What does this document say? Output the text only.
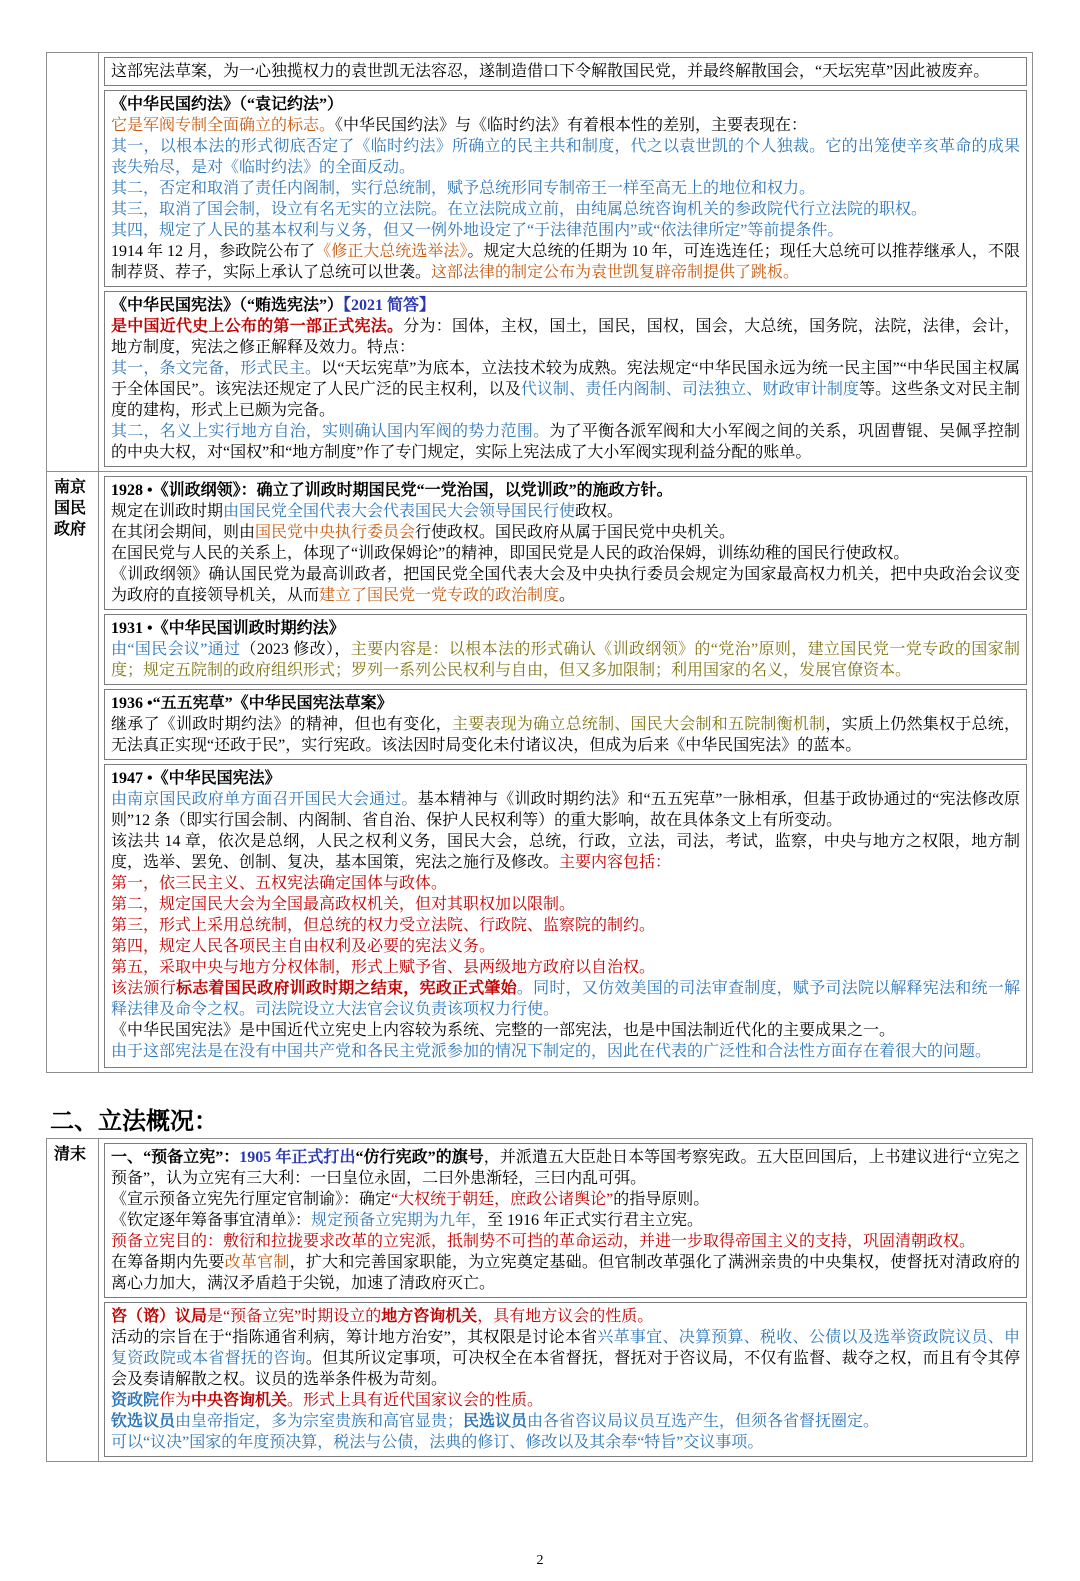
这部宪法草案，为一心独揽权力的袁世凯无法容忍，遂制造借口下令解散国民党，并最终解散国会，“天坛宪草”因此被废弃。

《中华民国约法》（“袁记约法”）

它是军阀专制全面确立的标志。《中华民国约法》与《临时约法》有着根本性的差别，主要表现在：

其一，以根本法的形式彻底否定了《临时约法》所确立的民主共和制度，代之以袁世凯的个人独裁。它的出笼使辛亥革命的成果丧失殆尽，是对《临时约法》的全面反动。

其二，否定和取消了责任内阁制，实行总统制，赋予总统形同专制帝王一样至高无上的地位和权力。

其三，取消了国会制，设立有名无实的立法院。在立法院成立前，由纯属总统咨询机关的参政院代行立法院的职权。

其四，规定了人民的基本权利与义务，但又一例外地设定了“于法律范围内”或“依法律所定”等前提条件。

1914 年 12 月，参政院公布了《修正大总统选举法》。规定大总统的任期为 10 年，可连选连任；现任大总统可以推荐继承人，不限制荐贤、荐子，实际上承认了总统可以世袭。这部法律的制定公布为袁世凯复辟帝制提供了跳板。

《中华民国宪法》（“贿选宪法”）【2021 简答】

是中国近代史上公布的第一部正式宪法。分为：国体，主权，国土，国民，国权，国会，大总统，国务院，法院，法律，会计，地方制度，宪法之修正解释及效力。特点：

其一，条文完备，形式民主。以“天坛宪草”为底本，立法技术较为成熟。宪法规定“中华民国永远为统一民主国”“中华民国主权属于全体国民”。该宪法还规定了人民广泛的民主权利，以及代议制、责任内阁制、司法独立、财政审计制度等。这些条文对民主制度的建构，形式上已颇为完备。

其二，名义上实行地方自治，实则确认国内军阀的势力范围。为了平衡各派军阀和大小军阀之间的关系，巩固曹锟、吴佩孚控制的中央大权，对“国权”和“地方制度”作了专门规定，实际上宪法成了大小军阀实现利益分配的账单。

南京国民政府

1928 •《训政纲领》：确立了训政时期国民党“一党治国，以党训政”的施政方针。

规定在训政时期由国民党全国代表大会代表国民大会领导国民行使政权。

在其闭会期间，则由国民党中央执行委员会行使政权。国民政府从属于国民党中央机关。

在国民党与人民的关系上，体现了“训政保姆论”的精神，即国民党是人民的政治保姆，训练幼稚的国民行使政权。

《训政纲领》确认国民党为最高训政者，把国民党全国代表大会及中央执行委员会规定为国家最高权力机关，把中央政治会议变为政府的直接领导机关，从而建立了国民党一党专政的政治制度。

1931 •《中华民国训政时期约法》

由“国民会议”通过（2023 修改），主要内容是：以根本法的形式确认《训政纲领》的“党治”原则，建立国民党一党专政的国家制度；规定五院制的政府组织形式；罗列一系列公民权利与自由，但又多加限制；利用国家的名义，发展官僚资本。

1936 •“五五宪草”《中华民国宪法草案》

继承了《训政时期约法》的精神，但也有变化，主要表现为确立总统制、国民大会制和五院制衡机制，实质上仍然集权于总统，无法真正实现“还政于民”，实行宪政。该法因时局变化未付诸议决，但成为后来《中华民国宪法》的蓝本。

1947 •《中华民国宪法》

由南京国民政府单方面召开国民大会通过。基本精神与《训政时期约法》和“五五宪草”一脉相承，但基于政协通过的“宪法修改原则”12 条（即实行国会制、内阁制、省自治、保护人民权利等）的重大影响，故在具体条文上有所变动。

该法共 14 章，依次是总纲，人民之权利义务，国民大会，总统，行政，立法，司法，考试，监察，中央与地方之权限，地方制度，选举、罢免、创制、复决，基本国策，宪法之施行及修改。主要内容包括：

第一，依三民主义、五权宪法确定国体与政体。

第二，规定国民大会为全国最高政权机关，但对其职权加以限制。

第三，形式上采用总统制，但总统的权力受立法院、行政院、监察院的制约。

第四，规定人民各项民主自由权利及必要的宪法义务。

第五，采取中央与地方分权体制，形式上赋予省、县两级地方政府以自治权。

该法颁行标志着国民政府训政时期之结束，宪政正式肇始。同时，又仿效美国的司法审查制度，赋予司法院以解释宪法和统一解释法律及命令之权。司法院设立大法官会议负责该项权力行使。

《中华民国宪法》是中国近代立宪史上内容较为系统、完整的一部宪法，也是中国法制近代化的主要成果之一。

由于这部宪法是在没有中国共产党和各民主党派参加的情况下制定的，因此在代表的广泛性和合法性方面存在着很大的问题。

二、立法概况：
清末	一、“预备立宪”：1905 年正式打出“仿行宪政”的旗号，并派遣五大臣赴日本等国考察宪政。五大臣回国后，上书建议进行“立宪之预备”，认为立宪有三大利：一曰皇位永固，二曰外患渐轻，三曰内乱可弭。

《宣示预备立宪先行厘定官制谕》：确定“大权统于朝廷，庶政公诸舆论”的指导原则。

《钦定逐年筹备事宜清单》：规定预备立宪期为九年，至 1916 年正式实行君主立宪。

预备立宪目的：敷衍和拉拢要求改革的立宪派，抵制势不可挡的革命运动，并进一步取得帝国主义的支持，巩固清朝政权。

在筹备期内先要改革官制，扩大和完善国家职能，为立宪奠定基础。但官制改革强化了满洲亲贵的中央集权，使督抚对清政府的离心力加大，满汉矛盾趋于尖锐，加速了清政府灭亡。

咨（谘）议局是“预备立宪”时期设立的地方咨询机关，具有地方议会的性质。

活动的宗旨在于“指陈通省利病，筹计地方治安”，其权限是讨论本省兴革事宜、决算预算、税收、公债以及选举资政院议员、申复资政院或本省督抚的咨询。但其所议定事项，可决权全在本省督抚，督抚对于咨议局，不仅有监督、裁夺之权，而且有令其停会及奏请解散之权。议员的选举条件极为苛刻。

资政院作为中央咨询机关。形式上具有近代国家议会的性质。

钦选议员由皇帝指定，多为宗室贵族和高官显贵；民选议员由各省咨议局议员互选产生，但须各省督抚圈定。

可以“议决”国家的年度预决算，税法与公债，法典的修订、修改以及其余奉“特旨”交议事项。

2
